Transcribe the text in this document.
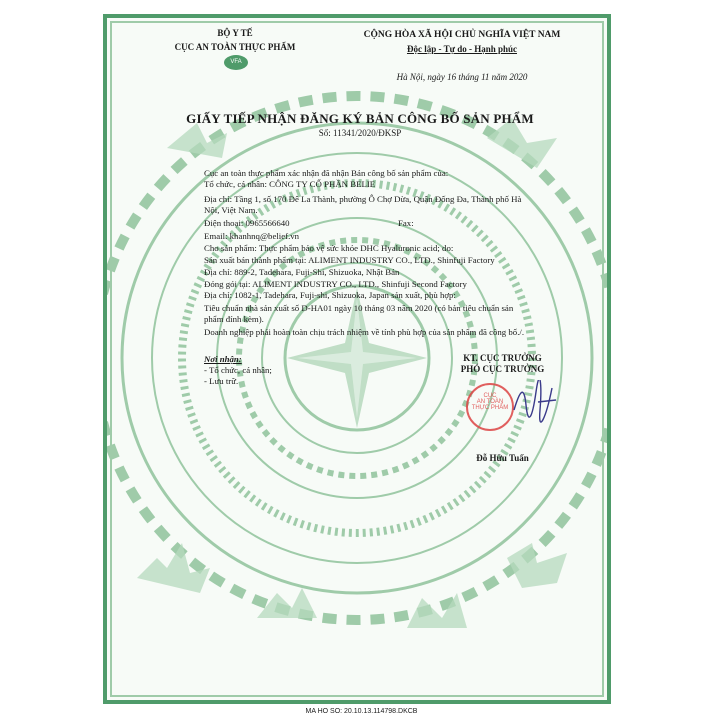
BỘ Y TẾ
CỤC AN TOÀN THỰC PHẨM
VFA
CỘNG HÒA XÃ HỘI CHỦ NGHĨA VIỆT NAM
Độc lập - Tự do - Hạnh phúc
Hà Nội, ngày 16 tháng 11 năm 2020
GIẤY TIẾP NHẬN ĐĂNG KÝ BẢN CÔNG BỐ SẢN PHẨM
Số: 11341/2020/ĐKSP
Cục an toàn thực phẩm xác nhận đã nhận Bản công bố sản phẩm của:
Tổ chức, cá nhân: CÔNG TY CỔ PHẦN BELIE
Địa chỉ: Tầng 1, số 170 Đê La Thành, phường Ô Chợ Dừa, Quận Đống Đa, Thành phố Hà
Nội, Việt Nam.
Điện thoại: 0965566640	Fax:
Email: khanhnq@belief.vn
Cho sản phẩm: Thực phẩm bảo vệ sức khỏe DHC Hyaluronic acid; do:
Sản xuất bán thành phẩm tại: ALIMENT INDUSTRY CO., LTD., Shinfuji Factory
Địa chỉ: 889-2, Tadehara, Fuji-Shi, Shizuoka, Nhật Bản
Đóng gói tại: ALIMENT INDUSTRY CO., LTD., Shinfuji Second Factory
Địa chỉ: 1082-1, Tadehara, Fuji-shi, Shizuoka, Japan sản xuất, phù hợp:
Tiêu chuẩn nhà sản xuất số D-HA01 ngày 10 tháng 03 năm 2020 (có bản tiêu chuẩn sản
phẩm đính kèm).
Doanh nghiệp phải hoàn toàn chịu trách nhiệm về tính phù hợp của sản phẩm đã công bố./.
Nơi nhận:
- Tổ chức, cá nhân;
- Lưu trữ.
KT. CỤC TRƯỞNG
PHÓ CỤC TRƯỞNG
CỤC
AN TOÀN
THỰC PHẨM
Đỗ Hữu Tuấn
MA HO SO: 20.10.13.114798.DKCB
